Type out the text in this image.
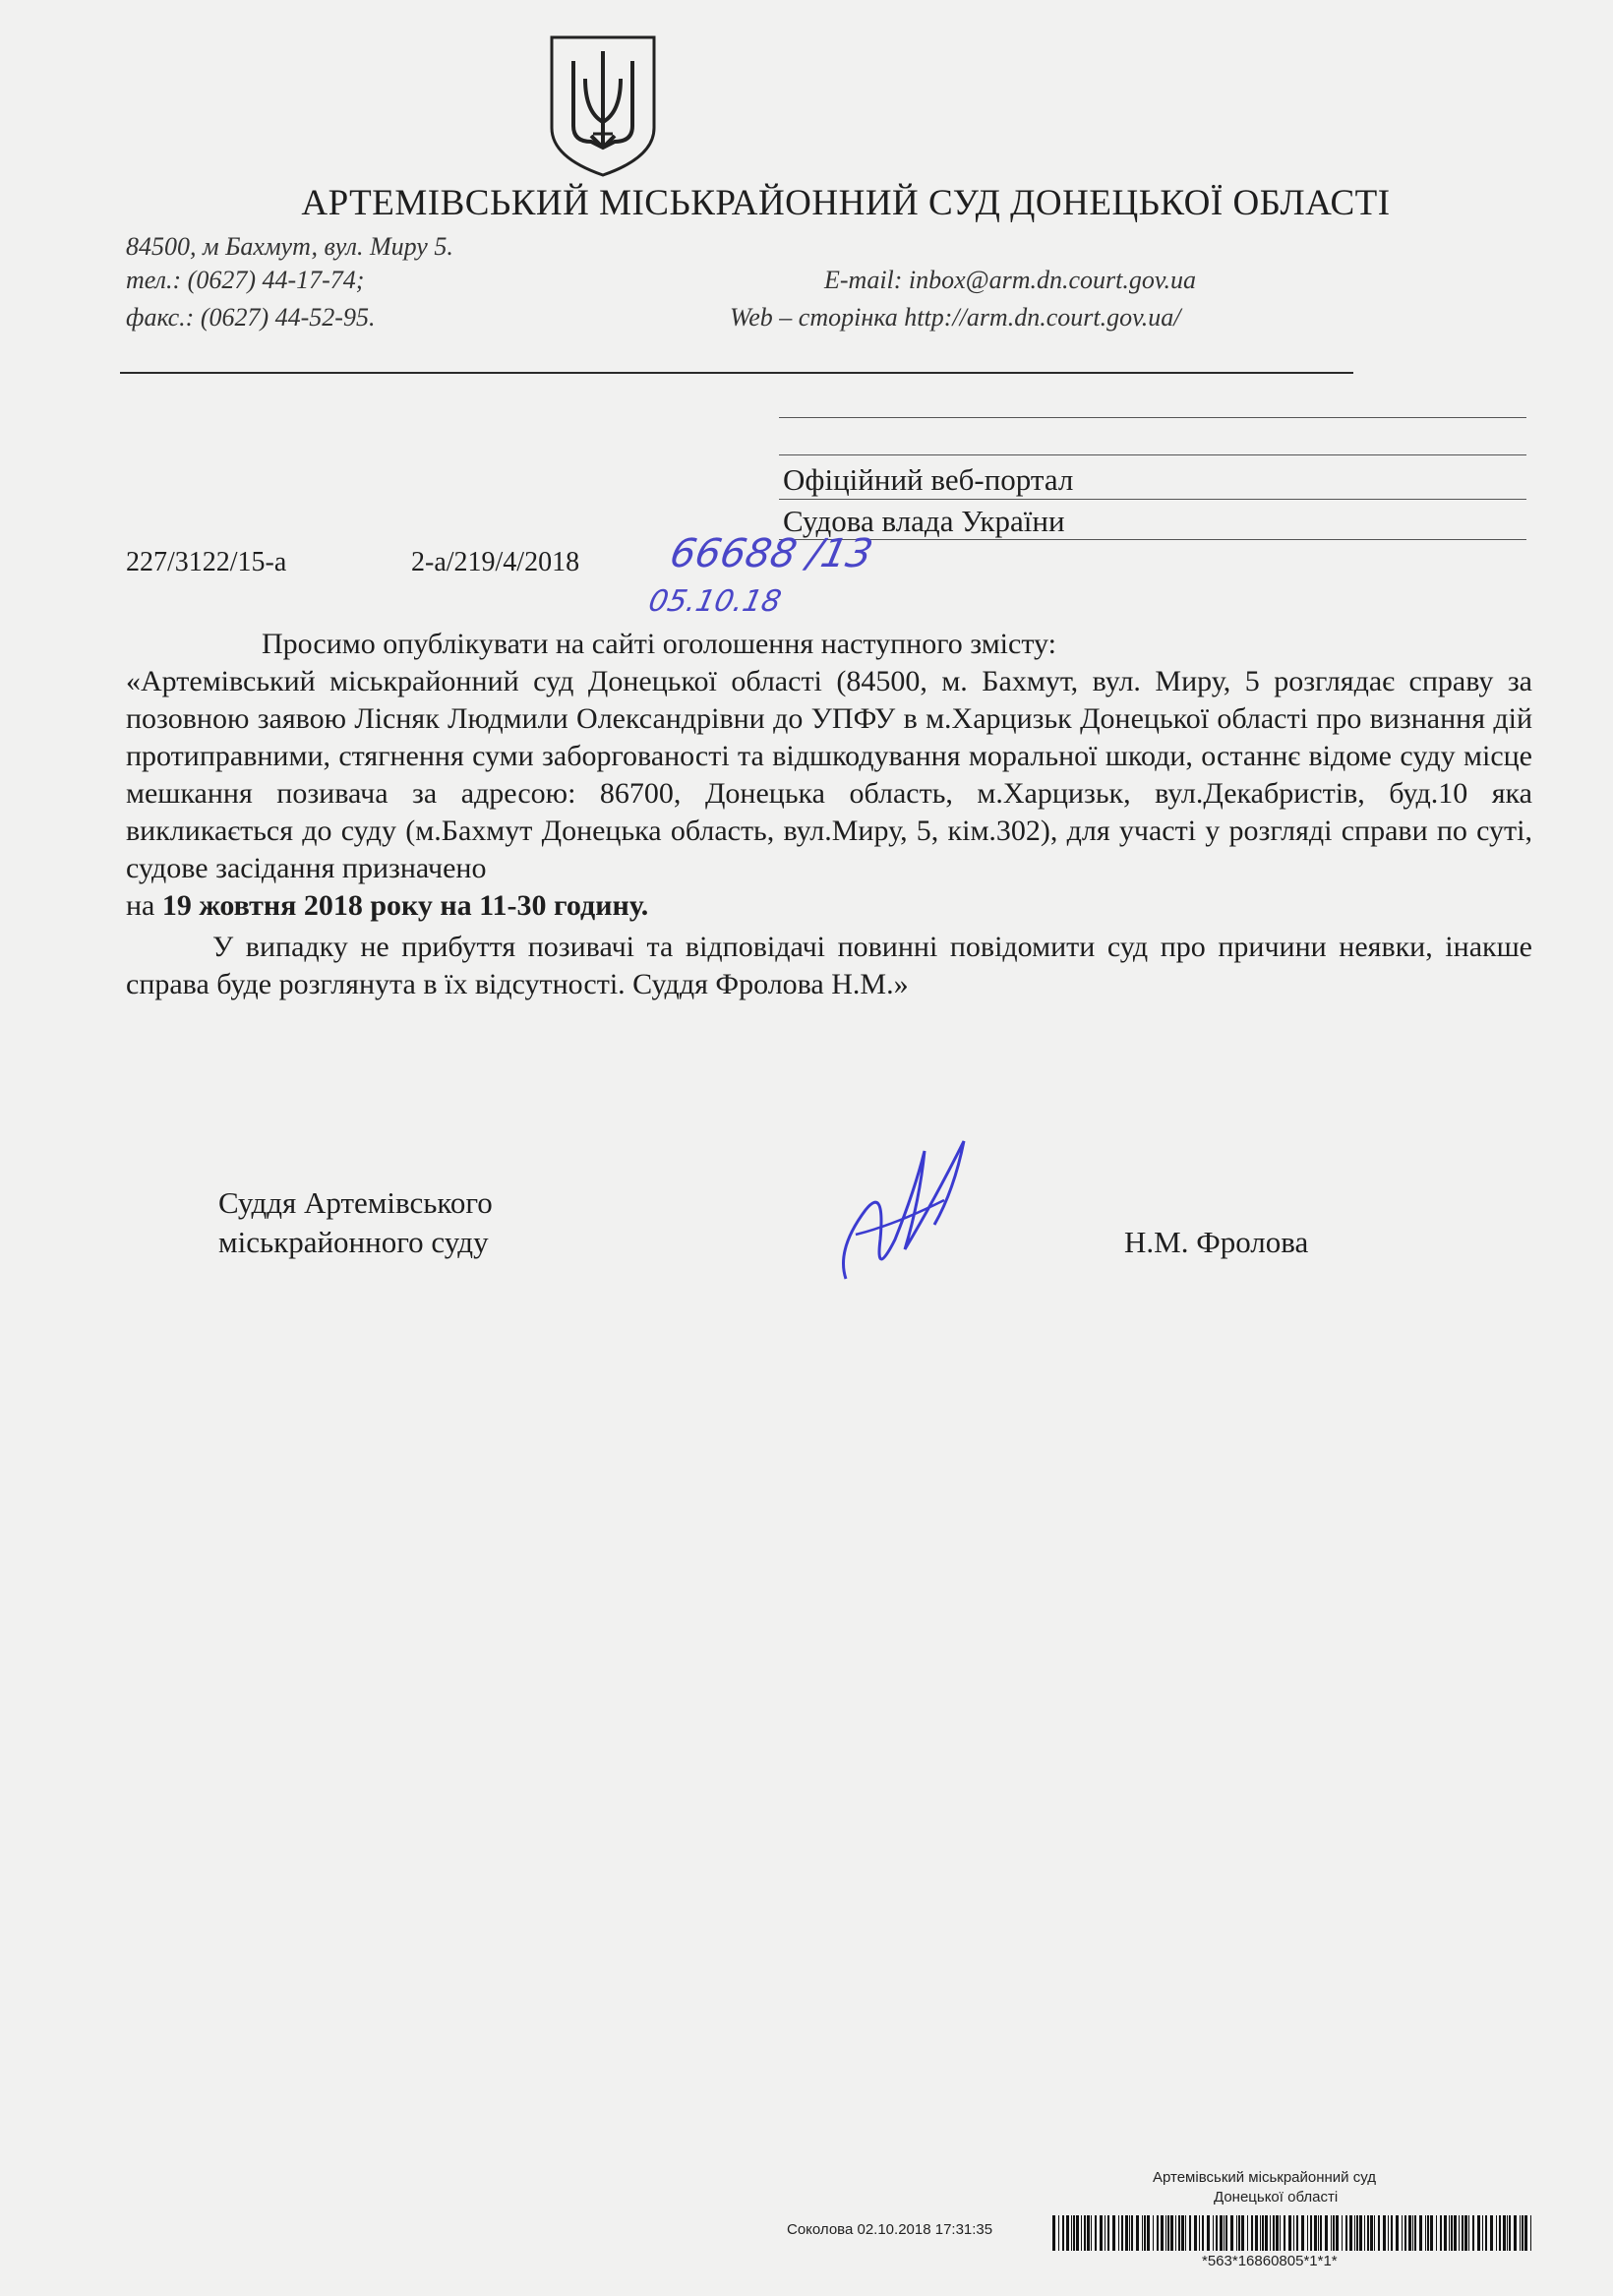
АРТЕМІВСЬКИЙ МІСЬКРАЙОННИЙ СУД ДОНЕЦЬКОЇ ОБЛАСТІ
84500, м Бахмут, вул. Миру 5.
тел.: (0627) 44-17-74;
факс.: (0627) 44-52-95.
E-mail: inbox@arm.dn.court.gov.ua
Web – сторінка http://arm.dn.court.gov.ua/
Офіційний веб-портал
Судова влада України
227/3122/15-а	2-а/219/4/2018 66688 /13
05.10.18

Просимо опублікувати на сайті оголошення наступного змісту:

«Артемівський міськрайонний суд Донецької області (84500, м. Бахмут, вул. Миру, 5 розглядає справу за позовною заявою Лісняк Людмили Олександрівни до УПФУ в м.Харцизьк Донецької області про визнання дій протиправними, стягнення суми заборгованості та відшкодування моральної шкоди, останнє відоме суду місце мешкання позивача за адресою: 86700, Донецька область, м.Харцизьк, вул.Декабристів, буд.10 яка викликається до суду (м.Бахмут Донецька область, вул.Миру, 5, кім.302), для участі у розгляді справи по суті, судове засідання призначено
на 19 жовтня 2018 року на 11-30 годину.

У випадку не прибуття позивачі та відповідачі повинні повідомити суд про причини неявки, інакше справа буде розглянута в їх відсутності. Суддя Фролова Н.М.»

Суддя Артемівського
міськрайонного суду	Н.М. Фролова
Артемівський міськрайонний суд
Донецької області
Соколова 02.10.2018 17:31:35
*563*16860805*1*1*
